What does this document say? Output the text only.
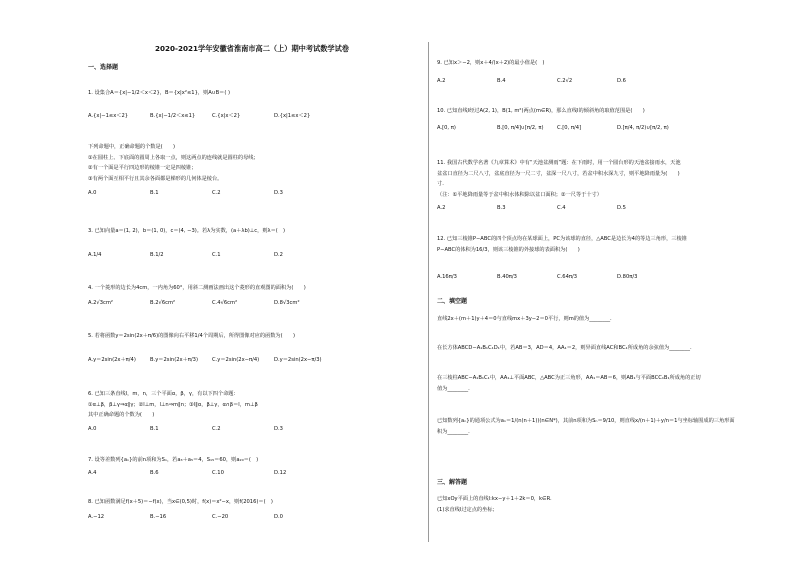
2020-2021学年安徽省淮南市高二（上）期中考试数学试卷
一、选择题

1. 设集合A＝{x|−1/2＜x＜2}，B＝{x|x²≤1}，则A∪B＝( )

A.{x|−1≤x＜2}	B.{x|−1/2＜x≤1}	C.{x|x＜2}	D.{x|1≤x＜2}

下列命题中，正确命题的个数是(　　)

①在圆柱上、下底面的圆周上各取一点，则这两点的连线就是圆柱的母线；

②有一个面是平行四边形的棱锥一定是四棱锥；

③有两个面互相平行且其余各面都是梯形的几何体是棱台。

A.0	B.1	C.2	D.3

3. 已知向量a＝(1, 2)，b＝(1, 0)，c＝(4, −3)。若λ为实数，(a＋λb)⊥c，则λ＝(　)

A.1/4	B.1/2	C.1	D.2

4. 一个菱形的边长为4cm，一内角为60°，用斜二测画法画出这个菱形的直观图的面积为(　　)

A.2√3cm²	B.2√6cm²	C.4√6cm²	D.8√3cm²

5. 若将函数y＝2sin(2x＋π/6)的图像向右平移1/4个周期后，所得图像对应的函数为(　　)

A.y＝2sin(2x＋π/4)	B.y＝2sin(2x＋π/3)	C.y＝2sin(2x−π/4)	D.y＝2sin(2x−π/3)

6. 已知三条直线l，m，n，三个平面α，β，γ，有以下四个命题：

①α⊥β，β⊥γ⇒α∥γ；②l⊥m，l⊥n⇒m∥n；③l∥α，β⊥γ，α∩β＝l，m⊥β

其中正确命题的个数为(　　)

A.0	B.1	C.2	D.3

7. 设等差数列{aₙ}的前n项和为Sₙ，若a₃＋a₅＝4，S₁₅＝60，则a₂₀＝(　)

A.4	B.6	C.10	D.12

8. 已知函数满足f(x＋5)＝−f(x)，当x∈(0,5)时，f(x)＝x²−x，则f(2016)＝(　)

A.−12	B.−16	C.−20	D.0

9. 已知x＞−2，则x＋4/(x＋2)的最小值是(　)

A.2	B.4	C.2√2	D.6

10. 已知直线l经过A(2, 1)，B(1, m²)两点(m∈R)，那么直线l的倾斜角的取值范围是(　　)

A.[0, π)	B.[0, π/4]∪[π/2, π)	C.[0, π/4]	D.[π/4, π/2)∪[π/2, π)

11. 我国古代数学名著《九章算术》中有“天池盆测雨”题：在下雨时，用一个圆台形的天池盆接雨水，天池

盆盆口直径为二尺八寸，盆底直径为一尺二寸，盆深一尺八寸，若盆中积水深九寸，则平地降雨量为(　　)

寸.

（注：①平地降雨量等于盆中积水体积除以盆口面积；②一尺等于十寸）

A.2	B.3	C.4	D.5

12. 已知三棱锥P−ABC的四个顶点均在某球面上，PC为该球的直径，△ABC是边长为4的等边三角形，三棱锥

P−ABC的体积为16/3，则该三棱锥的外接球的表面积为(　　)

A.16π/3	B.40π/3	C.64π/3	D.80π/3
二、填空题

直线2x＋(m＋1)y＋4＝0与直线mx＋3y−2＝0平行，则m的值为________.

在长方体ABCD−A₁B₁C₁D₁中，若AB＝3，AD＝4，AA₁＝2，则异面直线AC和BC₁所成角的余弦值为________.

在三棱柱ABC−A₁B₁C₁中，AA₁⊥平面ABC，△ABC为正三角形，AA₁＝AB＝6，则AB₁与平面BCC₁B₁所成角的正切

值为________.

已知数列{aₙ}的通项公式为aₙ＝1/(n(n＋1))(n∈N*)，其前n项和为Sₙ＝9/10，则直线x/(n＋1)＋y/n＝1与坐标轴围成的三角形面

积为________.

三、解答题

已知xOy平面上的直线l:kx−y＋1＋2k＝0，k∈R.

(1)求直线l过定点的坐标；
